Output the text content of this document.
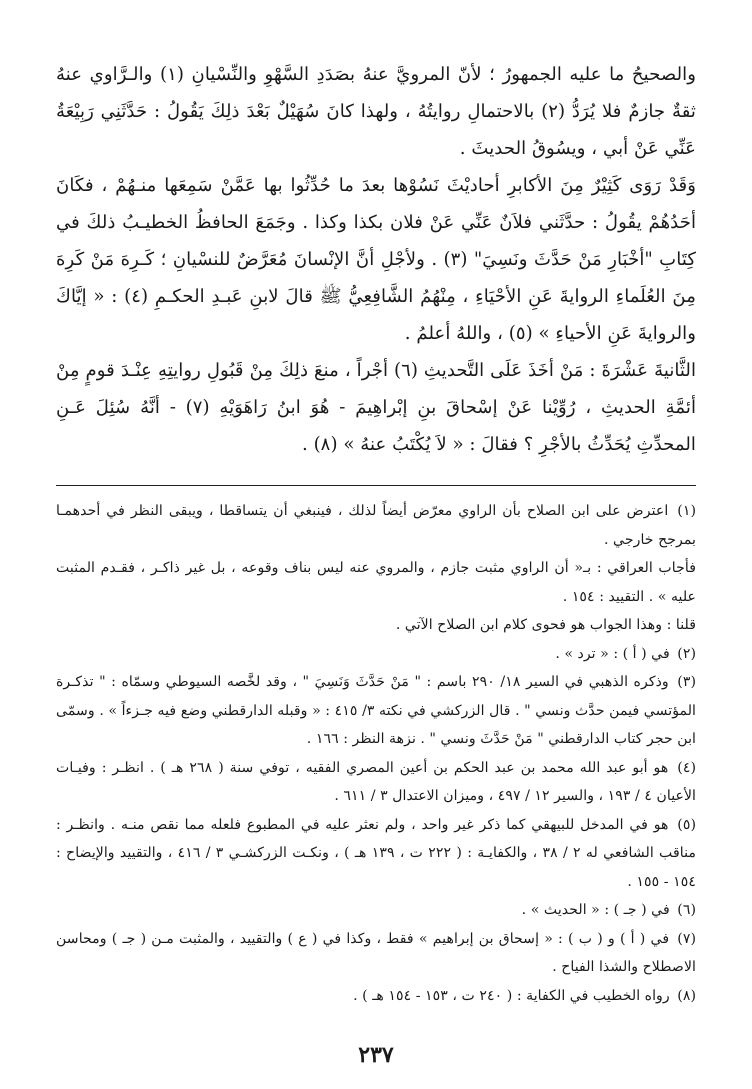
والصحيحُ ما عليه الجمهورُ ؛ لأنّ المرويَّ عنهُ بصَدَدِ السَّهْوِ والنِّسْيانِ (١) والـرَّاوي عنهُ ثقةٌ جازمٌ فلا يُرَدُّ (٢) بالاحتمالِ روايتُهُ ، ولهذا كانَ سُهَيْلٌ بَعْدَ ذلِكَ يَقُولُ : حَدَّثَنِي رَبِيْعَةُ عَنِّي عَنْ أبي ، ويسُوقُ الحديثَ .

وَقَدْ رَوَى كَثِيْرٌ مِنَ الأكابرِ أحاديْثَ نَسُوْها بعدَ ما حُدِّثُوا بها عَمَّنْ سَمِعَها منـهُمْ ، فكَانَ أحَدُهُمْ يقُولُ : حدَّثَني فلاَنٌ عَنِّي عَنْ فلان بكذا وكذا . وجَمَعَ الحافظُ الخطيـبُ ذلكَ في كِتَابِ "أخْبَارِ مَنْ حَدَّثَ ونَسِيَ" (٣) . ولأجْلِ أنَّ الإنْسانَ مُعَرَّضٌ للنسْيانِ ؛ كَـرِهَ مَنْ كَرِهَ مِنَ العُلَماءِ الروايةَ عَنِ الأحْيَاءِ ، مِنْهُمُ الشَّافِعِيُّ ﷺ قالَ لابنِ عَبـدِ الحكـمِ (٤) : « إيَّاكَ والروايةَ عَنِ الأحياءِ » (٥) ، واللهُ أعلمُ .

الثَّانيةَ عَشْرَةَ : مَنْ أخَذَ عَلَى التَّحديثِ (٦) أجْراً ، منعَ ذلِكَ مِنْ قَبُولِ روايتِهِ عِنْـدَ قومٍ مِنْ أئمَّةِ الحديثِ ، رُوِّيْنا عَنْ إسْحاقَ بنِ إبْراهِيمَ - هُوَ ابنُ رَاهَوَيْهِ (٧) - أنَّهُ سُئِلَ عَـنِ المحدِّثِ يُحَدِّثُ بالأجْرِ ؟ فقالَ : « لاَ يُكْتَبُ عنهُ » (٨) .

(١) اعترض على ابن الصلاح بأن الراوي معرّض أيضاً لذلك ، فينبغي أن يتساقطا ، ويبقى النظر في أحدهمـا بمرجح خارجي .

فأجاب العراقي : بـ« أن الراوي مثبت جازم ، والمروي عنه ليس بناف وقوعه ، بل غير ذاكـر ، فقـدم المثبت عليه » . التقييد : ١٥٤ .

قلنا : وهذا الجواب هو فحوى كلام ابن الصلاح الآتي .

(٢) في ( أ ) : « ترد » .

(٣) وذكره الذهبي في السير ١٨/ ٢٩٠ باسم : " مَنْ حَدَّثَ وَنَسِيَ " ، وقد لخَّصه السيوطي وسمّاه : " تذكـرة المؤتسي فيمن حدَّث ونسي " . قال الزركشي في نكته ٣/ ٤١٥ : « وقبله الدارقطني وضع فيه جـزءاً » . وسمّى ابن حجر كتاب الدارقطني " مَنْ حَدَّثَ ونسي " . نزهة النظر : ١٦٦ .

(٤) هو أبو عبد الله محمد بن عبد الحكم بن أعين المصري الفقيه ، توفي سنة ( ٢٦٨ هـ ) . انظـر : وفيـات الأعيان ٤ / ١٩٣ ، والسير ١٢ / ٤٩٧ ، وميزان الاعتدال ٣ / ٦١١ .

(٥) هو في المدخل للبيهقي كما ذكر غير واحد ، ولم نعثر عليه في المطبوع فلعله مما نقص منـه . وانظـر : مناقب الشافعي له ٢ / ٣٨ ، والكفايـة : ( ٢٢٢ ت ، ١٣٩ هـ ) ، ونكـت الزركشـي ٣ / ٤١٦ ، والتقييد والإيضاح : ١٥٤ - ١٥٥ .

(٦) في ( جـ ) : « الحديث » .

(٧) في ( أ ) و ( ب ) : « إسحاق بن إبراهيم » فقط ، وكذا في ( ع ) والتقييد ، والمثبت مـن ( جـ ) ومحاسن الاصطلاح والشذا الفياح .

(٨) رواه الخطيب في الكفاية : ( ٢٤٠ ت ، ١٥٣ - ١٥٤ هـ ) .

٢٣٧
